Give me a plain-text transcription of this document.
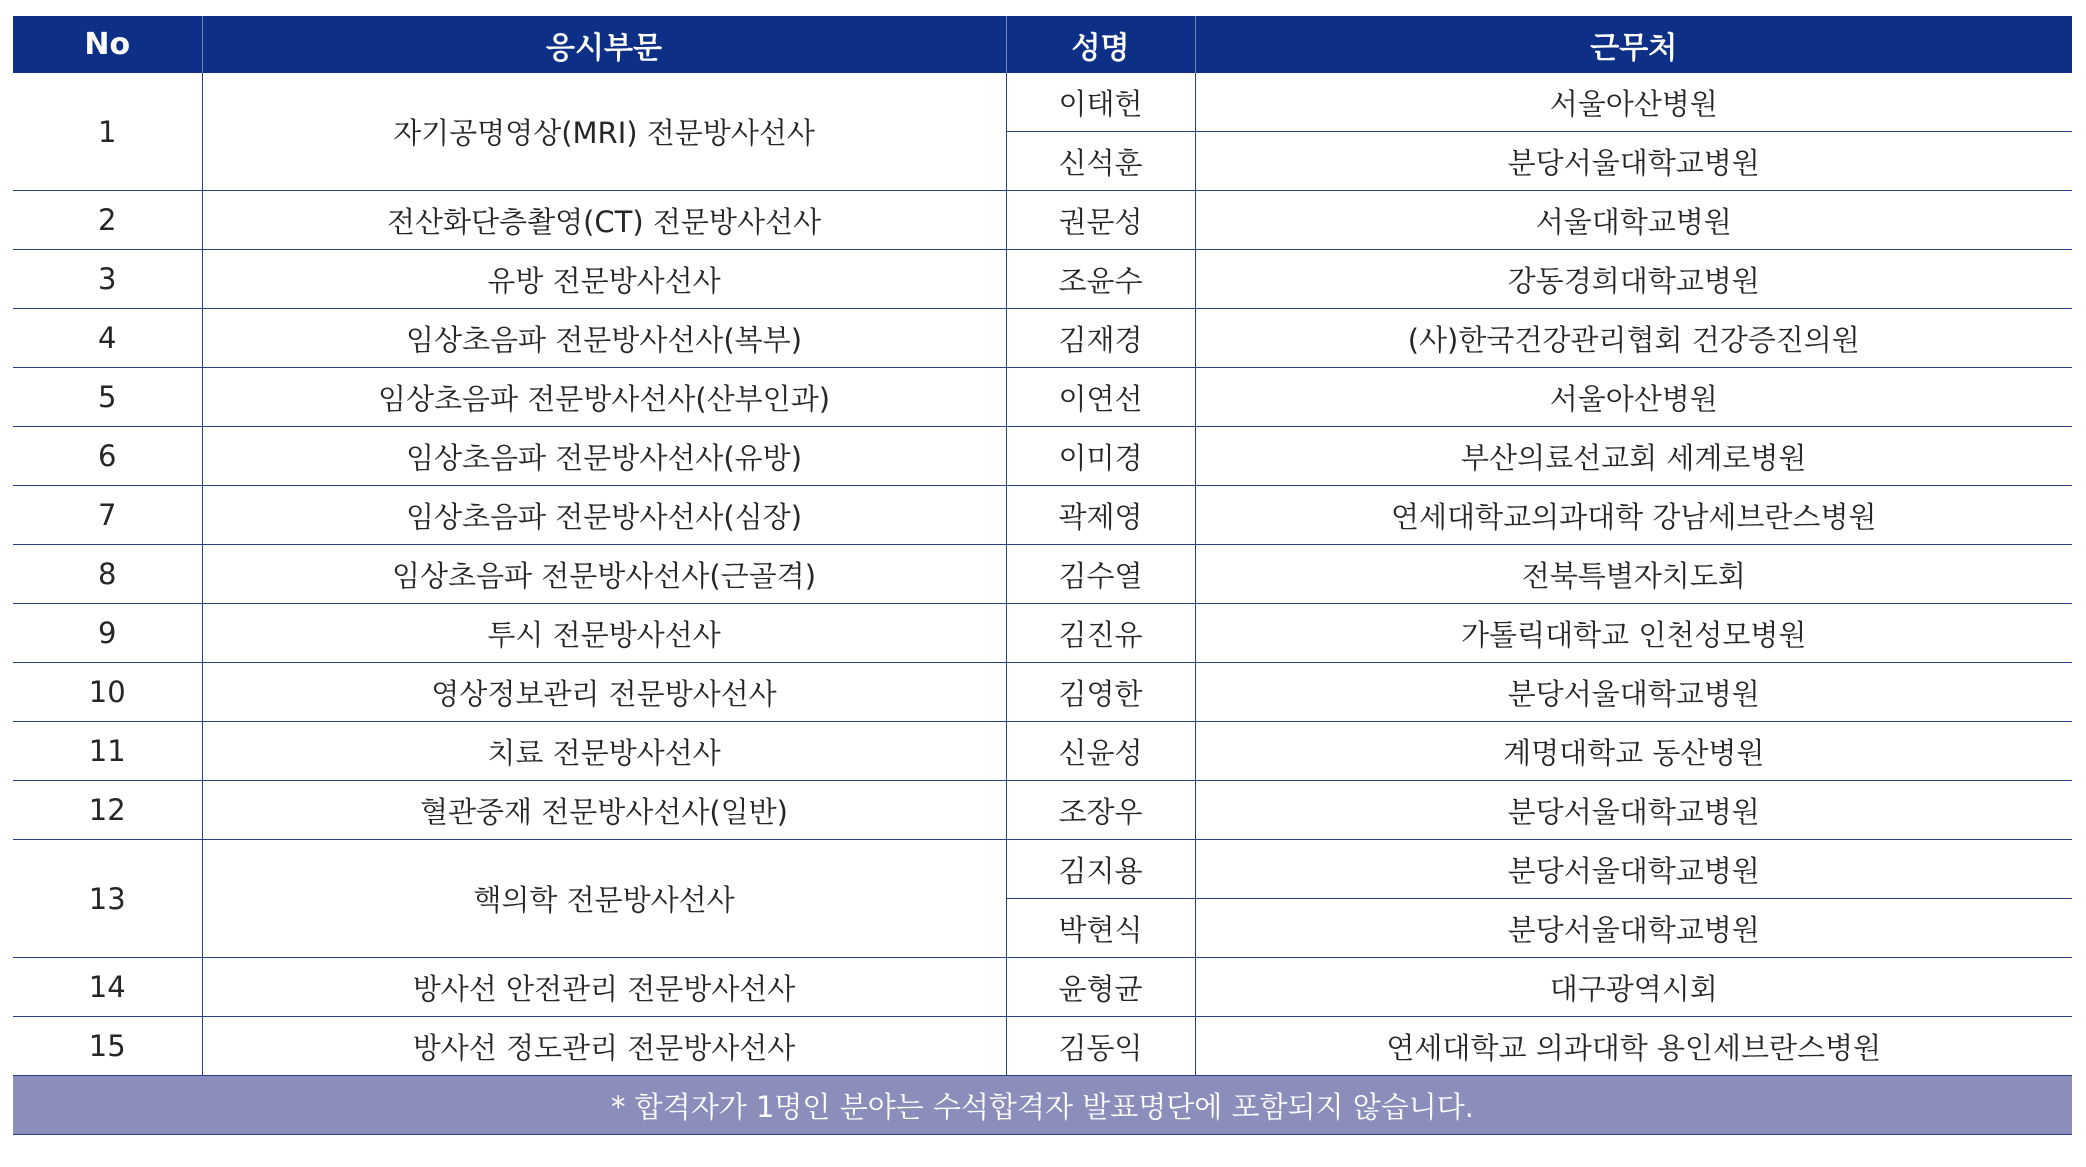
No	응시부문	성명	근무처
1	자기공명영상(MRI) 전문방사선사	이태헌	서울아산병원
		신석훈	분당서울대학교병원
2	전산화단층촬영(CT) 전문방사선사	권문성	서울대학교병원
3	유방 전문방사선사	조윤수	강동경희대학교병원
4	임상초음파 전문방사선사(복부)	김재경	(사)한국건강관리협회 건강증진의원
5	임상초음파 전문방사선사(산부인과)	이연선	서울아산병원
6	임상초음파 전문방사선사(유방)	이미경	부산의료선교회 세계로병원
7	임상초음파 전문방사선사(심장)	곽제영	연세대학교의과대학 강남세브란스병원
8	임상초음파 전문방사선사(근골격)	김수열	전북특별자치도회
9	투시 전문방사선사	김진유	가톨릭대학교 인천성모병원
10	영상정보관리 전문방사선사	김영한	분당서울대학교병원
11	치료 전문방사선사	신윤성	계명대학교 동산병원
12	혈관중재 전문방사선사(일반)	조장우	분당서울대학교병원
13	핵의학 전문방사선사	김지용	분당서울대학교병원
		박현식	분당서울대학교병원
14	방사선 안전관리 전문방사선사	윤형균	대구광역시회
15	방사선 정도관리 전문방사선사	김동익	연세대학교 의과대학 용인세브란스병원
* 합격자가 1명인 분야는 수석합격자 발표명단에 포함되지 않습니다.			
